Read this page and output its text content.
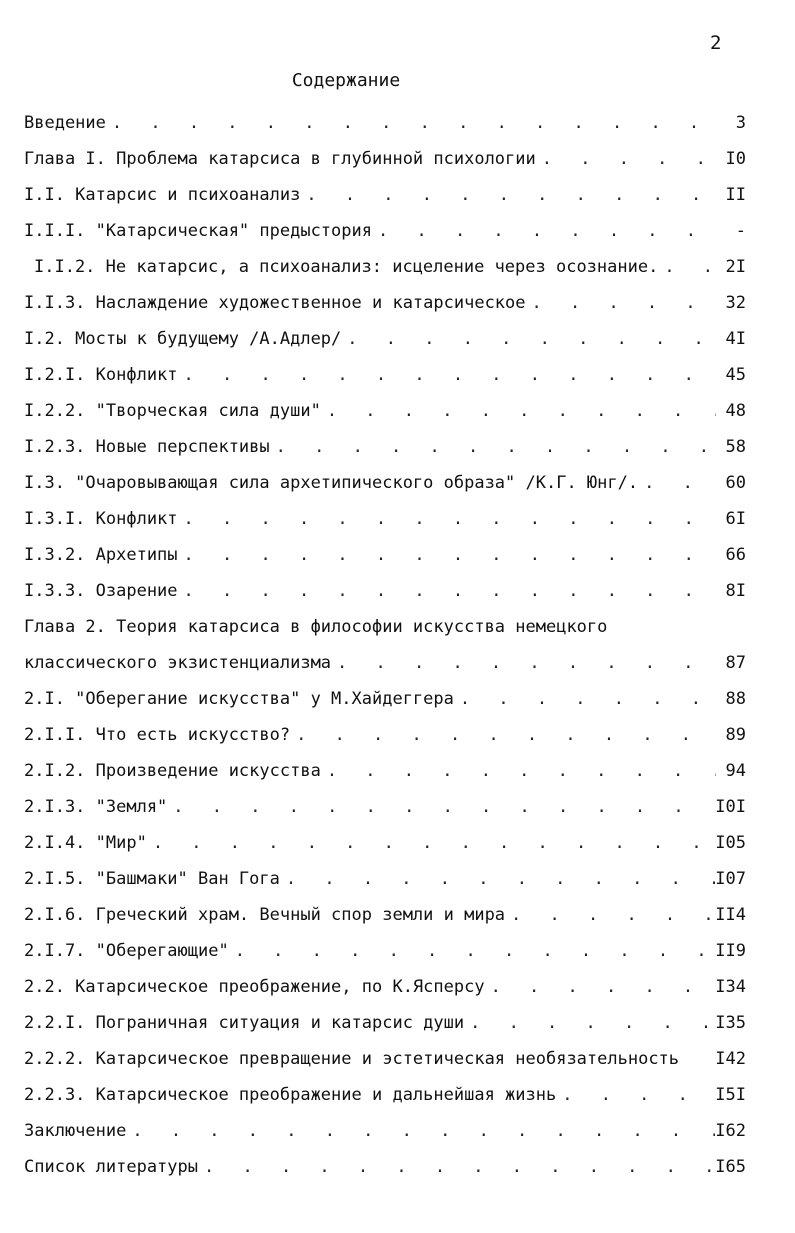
2
Содержание
Введение . . .	3
Глава I. Проблема катарсиса в глубинной психологии . . .	I0
I.I. Катарсис и психоанализ . . .	II
I.I.I. "Катарсическая" предыстория . . .	-
I.I.2. Не катарсис, а психоанализ: исцеление через осознание. . . .	2I
I.I.3. Наслаждение художественное и катарсическое . . .	32
I.2. Мосты к будущему /А.Адлер/ . . .	4I
I.2.I. Конфликт . . .	45
I.2.2. "Творческая сила души" . . .	48
I.2.3. Новые перспективы . . .	58
I.3. "Очаровывающая сила архетипического образа" /К.Г. Юнг/. . . .	60
I.3.I. Конфликт . . .	6I
I.3.2. Архетипы . . .	66
I.3.3. Озарение . . .	8I
Глава 2. Теория катарсиса в философии искусства немецкого
классического экзистенциализма . . .	87
2.I. "Оберегание искусства" у М.Хайдеггера . . .	88
2.I.I. Что есть искусство? . . .	89
2.I.2. Произведение искусства . . .	94
2.I.3. "Земля" . . .	I0I
2.I.4. "Мир" . . .	I05
2.I.5. "Башмаки" Ван Гога . . .	I07
2.I.6. Греческий храм. Вечный спор земли и мира . . .	II4
2.I.7. "Оберегающие" . . .	II9
2.2. Катарсическое преображение, по К.Ясперсу . . .	I34
2.2.I. Пограничная ситуация и катарсис души . . .	I35
2.2.2. Катарсическое превращение и эстетическая необязательность	I42
2.2.3. Катарсическое преображение и дальнейшая жизнь . . .	I5I
Заключение . . .	I62
Список литературы . . .	I65
